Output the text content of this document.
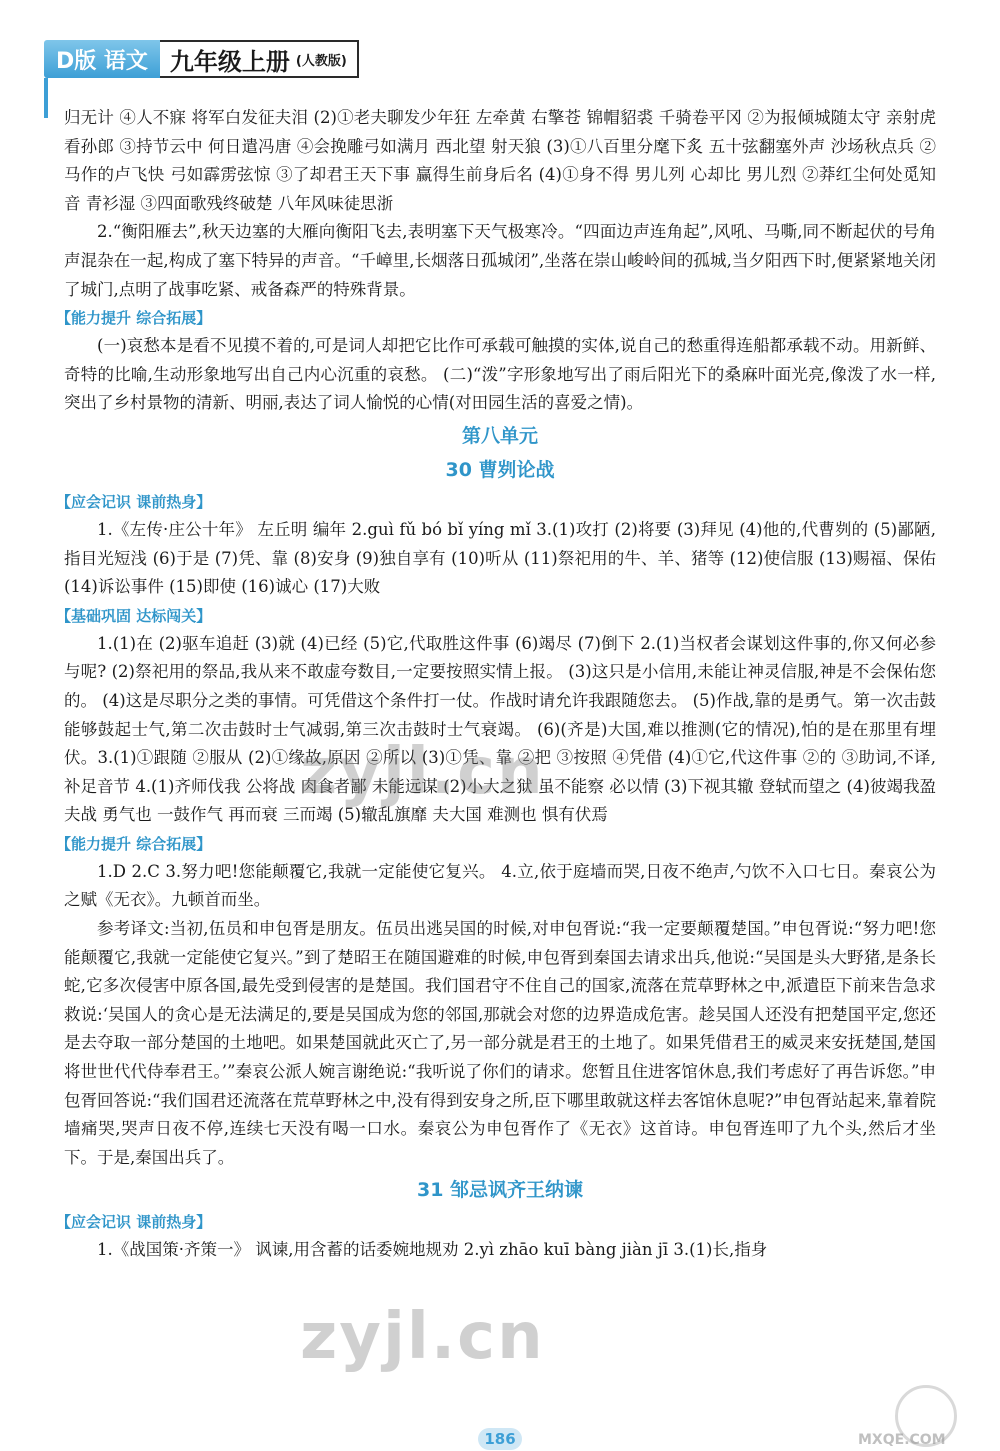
D版 语文 九年级上册 (人教版)

归无计 ④人不寐 将军白发征夫泪 (2)①老夫聊发少年狂 左牵黄 右擎苍 锦帽貂裘 千骑卷平冈 ②为报倾城随太守 亲射虎 看孙郎 ③持节云中 何日遣冯唐 ④会挽雕弓如满月 西北望 射天狼 (3)①八百里分麾下炙 五十弦翻塞外声 沙场秋点兵 ②马作的卢飞快 弓如霹雳弦惊 ③了却君王天下事 赢得生前身后名 (4)①身不得 男儿列 心却比 男儿烈 ②莽红尘何处觅知音 青衫湿 ③四面歌残终破楚 八年风味徒思浙

2.“衡阳雁去”,秋天边塞的大雁向衡阳飞去,表明塞下天气极寒冷。“四面边声连角起”,风吼、马嘶,同不断起伏的号角声混杂在一起,构成了塞下特异的声音。“千嶂里,长烟落日孤城闭”,坐落在崇山峻岭间的孤城,当夕阳西下时,便紧紧地关闭了城门,点明了战事吃紧、戒备森严的特殊背景。

【能力提升 综合拓展】

(一)哀愁本是看不见摸不着的,可是词人却把它比作可承载可触摸的实体,说自己的愁重得连船都承载不动。用新鲜、奇特的比喻,生动形象地写出自己内心沉重的哀愁。 (二)“泼”字形象地写出了雨后阳光下的桑麻叶面光亮,像泼了水一样,突出了乡村景物的清新、明丽,表达了词人愉悦的心情(对田园生活的喜爱之情)。

第八单元
30 曹刿论战
【应会记识 课前热身】

1.《左传·庄公十年》 左丘明 编年 2.guì fǔ bó bǐ yíng mǐ 3.(1)攻打 (2)将要 (3)拜见 (4)他的,代曹刿的 (5)鄙陋,指目光短浅 (6)于是 (7)凭、靠 (8)安身 (9)独自享有 (10)听从 (11)祭祀用的牛、羊、猪等 (12)使信服 (13)赐福、保佑 (14)诉讼事件 (15)即使 (16)诚心 (17)大败

【基础巩固 达标闯关】

1.(1)在 (2)驱车追赶 (3)就 (4)已经 (5)它,代取胜这件事 (6)竭尽 (7)倒下 2.(1)当权者会谋划这件事的,你又何必参与呢? (2)祭祀用的祭品,我从来不敢虚夸数目,一定要按照实情上报。 (3)这只是小信用,未能让神灵信服,神是不会保佑您的。 (4)这是尽职分之类的事情。可凭借这个条件打一仗。作战时请允许我跟随您去。 (5)作战,靠的是勇气。第一次击鼓能够鼓起士气,第二次击鼓时士气减弱,第三次击鼓时士气衰竭。 (6)(齐是)大国,难以推测(它的情况),怕的是在那里有埋伏。3.(1)①跟随 ②服从 (2)①缘故,原因 ②所以 (3)①凭、靠 ②把 ③按照 ④凭借 (4)①它,代这件事 ②的 ③助词,不译,补足音节 4.(1)齐师伐我 公将战 肉食者鄙 未能远谋 (2)小大之狱 虽不能察 必以情 (3)下视其辙 登轼而望之 (4)彼竭我盈 夫战 勇气也 一鼓作气 再而衰 三而竭 (5)辙乱旗靡 夫大国 难测也 惧有伏焉

【能力提升 综合拓展】

1.D 2.C 3.努力吧!您能颠覆它,我就一定能使它复兴。 4.立,依于庭墙而哭,日夜不绝声,勺饮不入口七日。秦哀公为之赋《无衣》。九顿首而坐。

参考译文:当初,伍员和申包胥是朋友。伍员出逃吴国的时候,对申包胥说:“我一定要颠覆楚国。”申包胥说:“努力吧!您能颠覆它,我就一定能使它复兴。”到了楚昭王在随国避难的时候,申包胥到秦国去请求出兵,他说:“吴国是头大野猪,是条长蛇,它多次侵害中原各国,最先受到侵害的是楚国。我们国君守不住自己的国家,流落在荒草野林之中,派遣臣下前来告急求救说:‘吴国人的贪心是无法满足的,要是吴国成为您的邻国,那就会对您的边界造成危害。趁吴国人还没有把楚国平定,您还是去夺取一部分楚国的土地吧。如果楚国就此灭亡了,另一部分就是君王的土地了。如果凭借君王的威灵来安抚楚国,楚国将世世代代侍奉君王。’”秦哀公派人婉言谢绝说:“我听说了你们的请求。您暂且住进客馆休息,我们考虑好了再告诉您。”申包胥回答说:“我们国君还流落在荒草野林之中,没有得到安身之所,臣下哪里敢就这样去客馆休息呢?”申包胥站起来,靠着院墙痛哭,哭声日夜不停,连续七天没有喝一口水。秦哀公为申包胥作了《无衣》这首诗。申包胥连叩了九个头,然后才坐下。于是,秦国出兵了。

31 邹忌讽齐王纳谏
【应会记识 课前热身】

1.《战国策·齐策一》 讽谏,用含蓄的话委婉地规劝 2.yì zhāo kuī bàng jiàn jī 3.(1)长,指身

zyjl.cn
zyjl.cn
MXQE.COM
186
